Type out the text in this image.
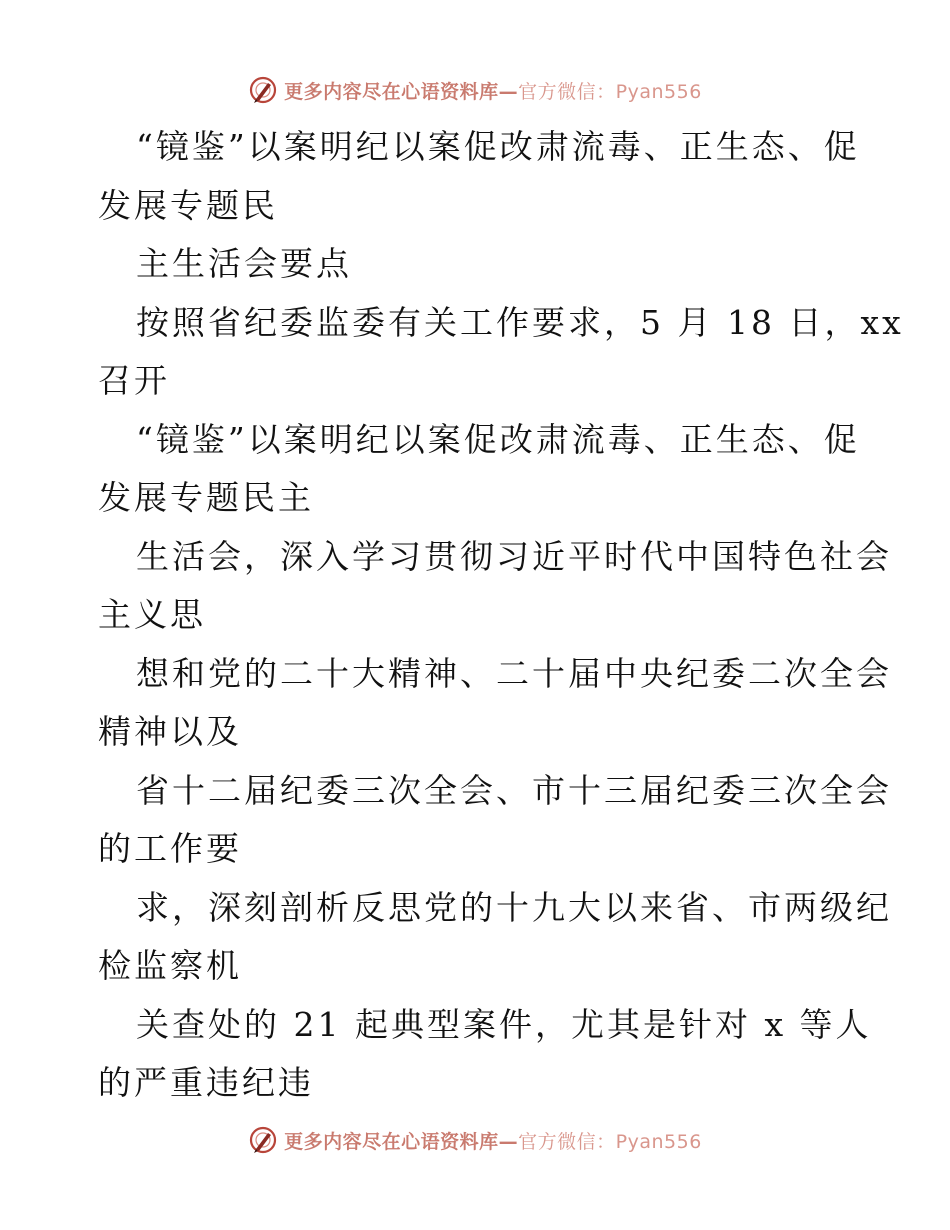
更多内容尽在心语资料库—官方微信：Pyan556
“镜鉴”以案明纪以案促改肃流毒、正生态、促
发展专题民
主生活会要点
按照省纪委监委有关工作要求，5 月 18 日，xx
召开
“镜鉴”以案明纪以案促改肃流毒、正生态、促
发展专题民主
生活会，深入学习贯彻习近平时代中国特色社会
主义思
想和党的二十大精神、二十届中央纪委二次全会
精神以及
省十二届纪委三次全会、市十三届纪委三次全会
的工作要
求，深刻剖析反思党的十九大以来省、市两级纪
检监察机
关查处的 21 起典型案件，尤其是针对 x 等人
的严重违纪违
更多内容尽在心语资料库—官方微信：Pyan556
